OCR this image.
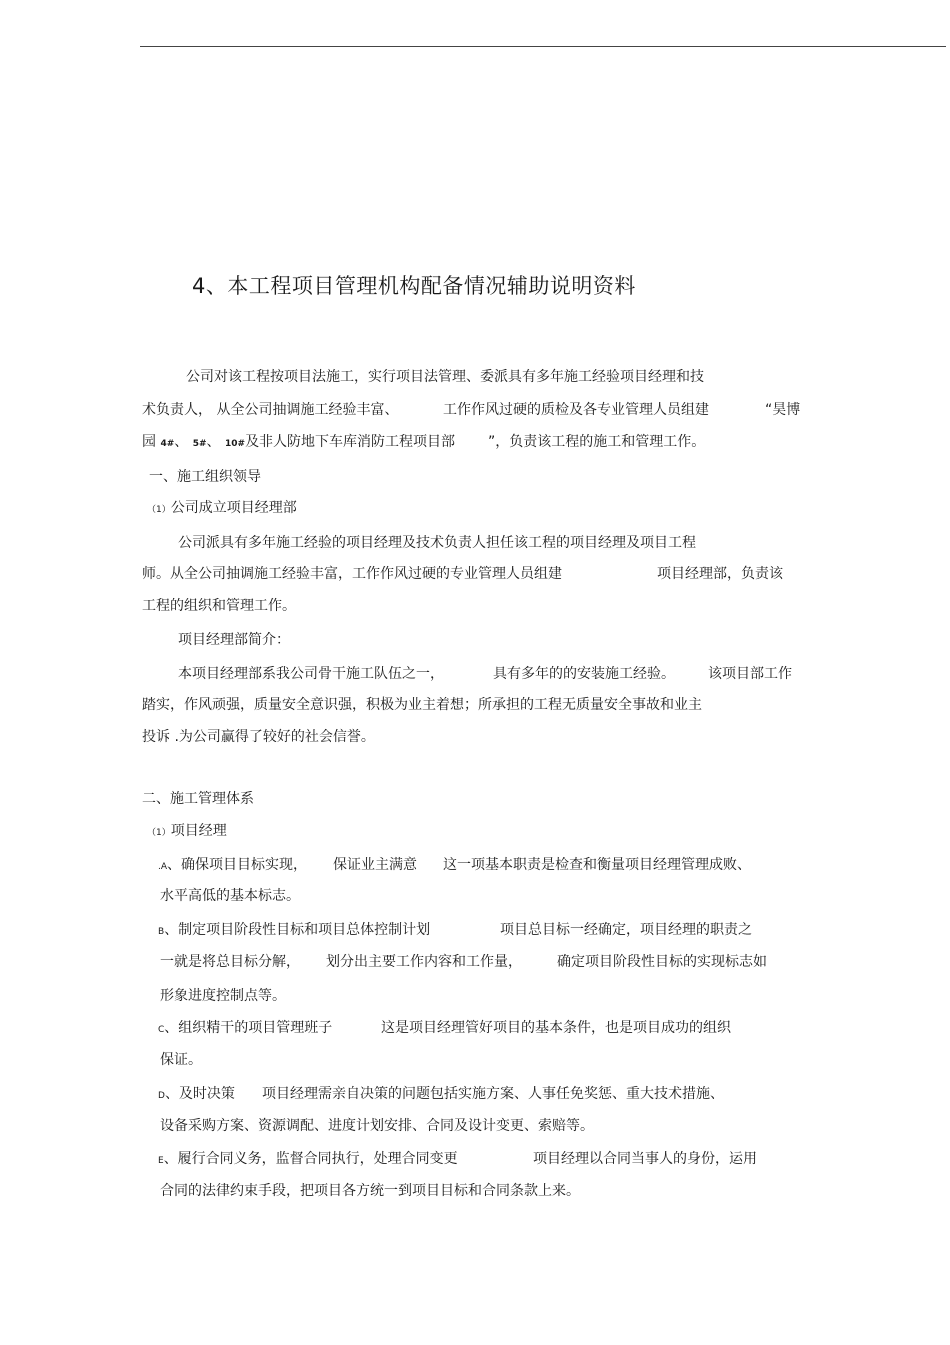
4、本工程项目管理机构配备情况辅助说明资料
公司对该工程按项目法施工，实行项目法管理、委派具有多年施工经验项目经理和技
术负责人， 从全公司抽调施工经验丰富、	工作作风过硬的质检及各专业管理人员组建	“昊博
园 4#、 5#、 10#及非人防地下车库消防工程项目部 ”，负责该工程的施工和管理工作。
一、施工组织领导
（1）公司成立项目经理部
公司派具有多年施工经验的项目经理及技术负责人担任该工程的项目经理及项目工程
师。从全公司抽调施工经验丰富，工作作风过硬的专业管理人员组建	项目经理部，负责该
工程的组织和管理工作。
项目经理部简介：
本项目经理部系我公司骨干施工队伍之一，	具有多年的的安装施工经验。 该项目部工作
踏实，作风顽强，质量安全意识强，积极为业主着想；所承担的工程无质量安全事故和业主
投诉 .为公司赢得了较好的社会信誉。
二、施工管理体系
（1）项目经理
.A、确保项目目标实现， 保证业主满意 这一项基本职责是检查和衡量项目经理管理成败、
水平高低的基本标志。
B、制定项目阶段性目标和项目总体控制计划	项目总目标一经确定，项目经理的职责之
一就是将总目标分解， 划分出主要工作内容和工作量，	确定项目阶段性目标的实现标志如
形象进度控制点等。
C、组织精干的项目管理班子	这是项目经理管好项目的基本条件，也是项目成功的组织
保证。
D、及时决策 项目经理需亲自决策的问题包括实施方案、人事任免奖惩、重大技术措施、
设备采购方案、资源调配、进度计划安排、合同及设计变更、索赔等。
E、履行合同义务，监督合同执行，处理合同变更	项目经理以合同当事人的身份，运用
合同的法律约束手段，把项目各方统一到项目目标和合同条款上来。
